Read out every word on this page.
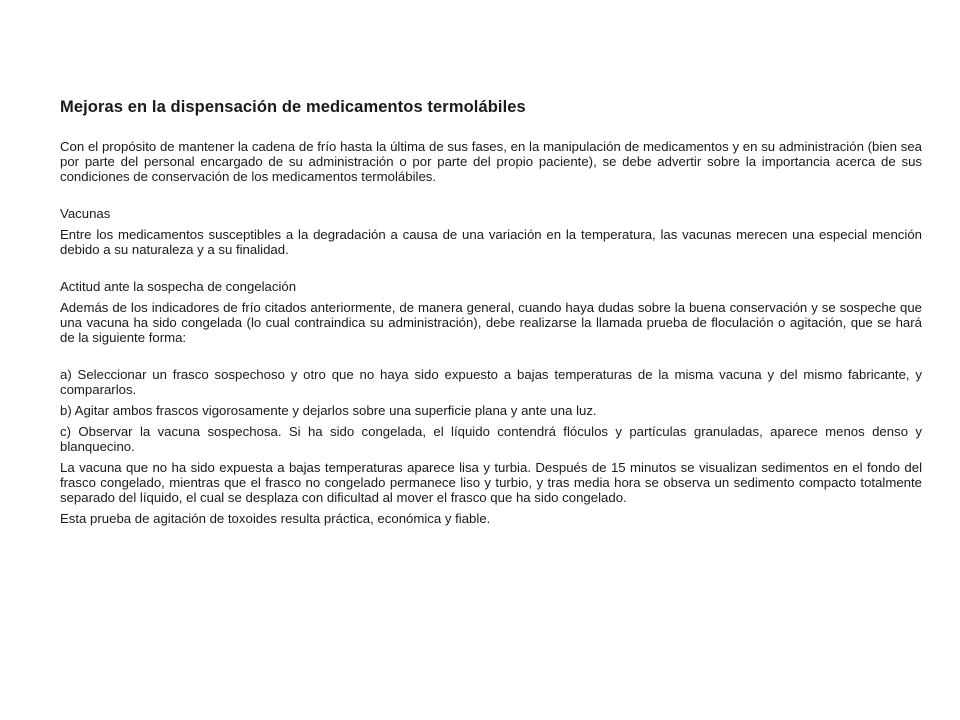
Mejoras en la dispensación de medicamentos termolábiles

Con el propósito de mantener la cadena de frío hasta la última de sus fases, en la manipulación de medicamentos y en su administración (bien sea por parte del personal encargado de su administración o por parte del propio paciente), se debe advertir sobre la importancia acerca de sus condiciones de conservación de los medicamentos termolábiles.

Vacunas

Entre los medicamentos susceptibles a la degradación a causa de una variación en la temperatura, las vacunas merecen una especial mención debido a su naturaleza y a su finalidad.

Actitud ante la sospecha de congelación

Además de los indicadores de frío citados anteriormente, de manera general, cuando haya dudas sobre la buena conservación y se sospeche que una vacuna ha sido congelada (lo cual contraindica su administración), debe realizarse la llamada prueba de floculación o agitación, que se hará de la siguiente forma:

a) Seleccionar un frasco sospechoso y otro que no haya sido expuesto a bajas temperaturas de la misma vacuna y del mismo fabricante, y compararlos.

b) Agitar ambos frascos vigorosamente y dejarlos sobre una superficie plana y ante una luz.

c) Observar la vacuna sospechosa. Si ha sido congelada, el líquido contendrá flóculos y partículas granuladas, aparece menos denso y blanquecino.

La vacuna que no ha sido expuesta a bajas temperaturas aparece lisa y turbia. Después de 15 minutos se visualizan sedimentos en el fondo del frasco congelado, mientras que el frasco no congelado permanece liso y turbio, y tras media hora se observa un sedimento compacto totalmente separado del líquido, el cual se desplaza con dificultad al mover el frasco que ha sido congelado.

Esta prueba de agitación de toxoides resulta práctica, económica y fiable.
